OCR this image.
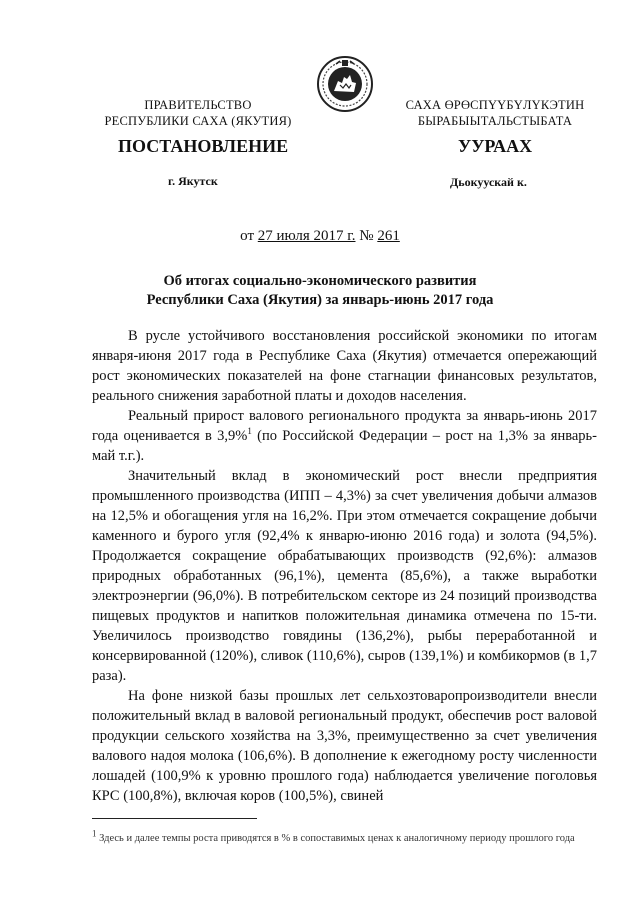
ПРАВИТЕЛЬСТВО
РЕСПУБЛИКИ САХА (ЯКУТИЯ)
САХА ӨРӨСПҮҮБҮЛҮКЭТИН
БЫРАБЫЫТАЛЬСТЫБАТА
ПОСТАНОВЛЕНИЕ	УУРААХ
г. Якутск	Дьокуускай к.
от 27 июля 2017 г. № 261
Об итогах социально-экономического развития
Республики Саха (Якутия) за январь-июнь 2017 года

В русле устойчивого восстановления российской экономики по итогам января-июня 2017 года в Республике Саха (Якутия) отмечается опережающий рост экономических показателей на фоне стагнации финансовых результатов, реального снижения заработной платы и доходов населения.

Реальный прирост валового регионального продукта за январь-июнь 2017 года оценивается в 3,9%$^1$ (по Российской Федерации – рост на 1,3% за январь-май т.г.).

Значительный вклад в экономический рост внесли предприятия промышленного производства (ИПП – 4,3%) за счет увеличения добычи алмазов на 12,5% и обогащения угля на 16,2%. При этом отмечается сокращение добычи каменного и бурого угля (92,4% к январю-июню 2016 года) и золота (94,5%). Продолжается сокращение обрабатывающих производств (92,6%): алмазов природных обработанных (96,1%), цемента (85,6%), а также выработки электроэнергии (96,0%). В потребительском секторе из 24 позиций производства пищевых продуктов и напитков положительная динамика отмечена по 15-ти. Увеличилось производство говядины (136,2%), рыбы переработанной и консервированной (120%), сливок (110,6%), сыров (139,1%) и комбикормов (в 1,7 раза).

На фоне низкой базы прошлых лет сельхозтоваропроизводители внесли положительный вклад в валовой региональный продукт, обеспечив рост валовой продукции сельского хозяйства на 3,3%, преимущественно за счет увеличения валового надоя молока (106,6%). В дополнение к ежегодному росту численности лошадей (100,9% к уровню прошлого года) наблюдается увеличение поголовья КРС (100,8%), включая коров (100,5%), свиней

$^1$ Здесь и далее темпы роста приводятся в % в сопоставимых ценах к аналогичному периоду прошлого года
